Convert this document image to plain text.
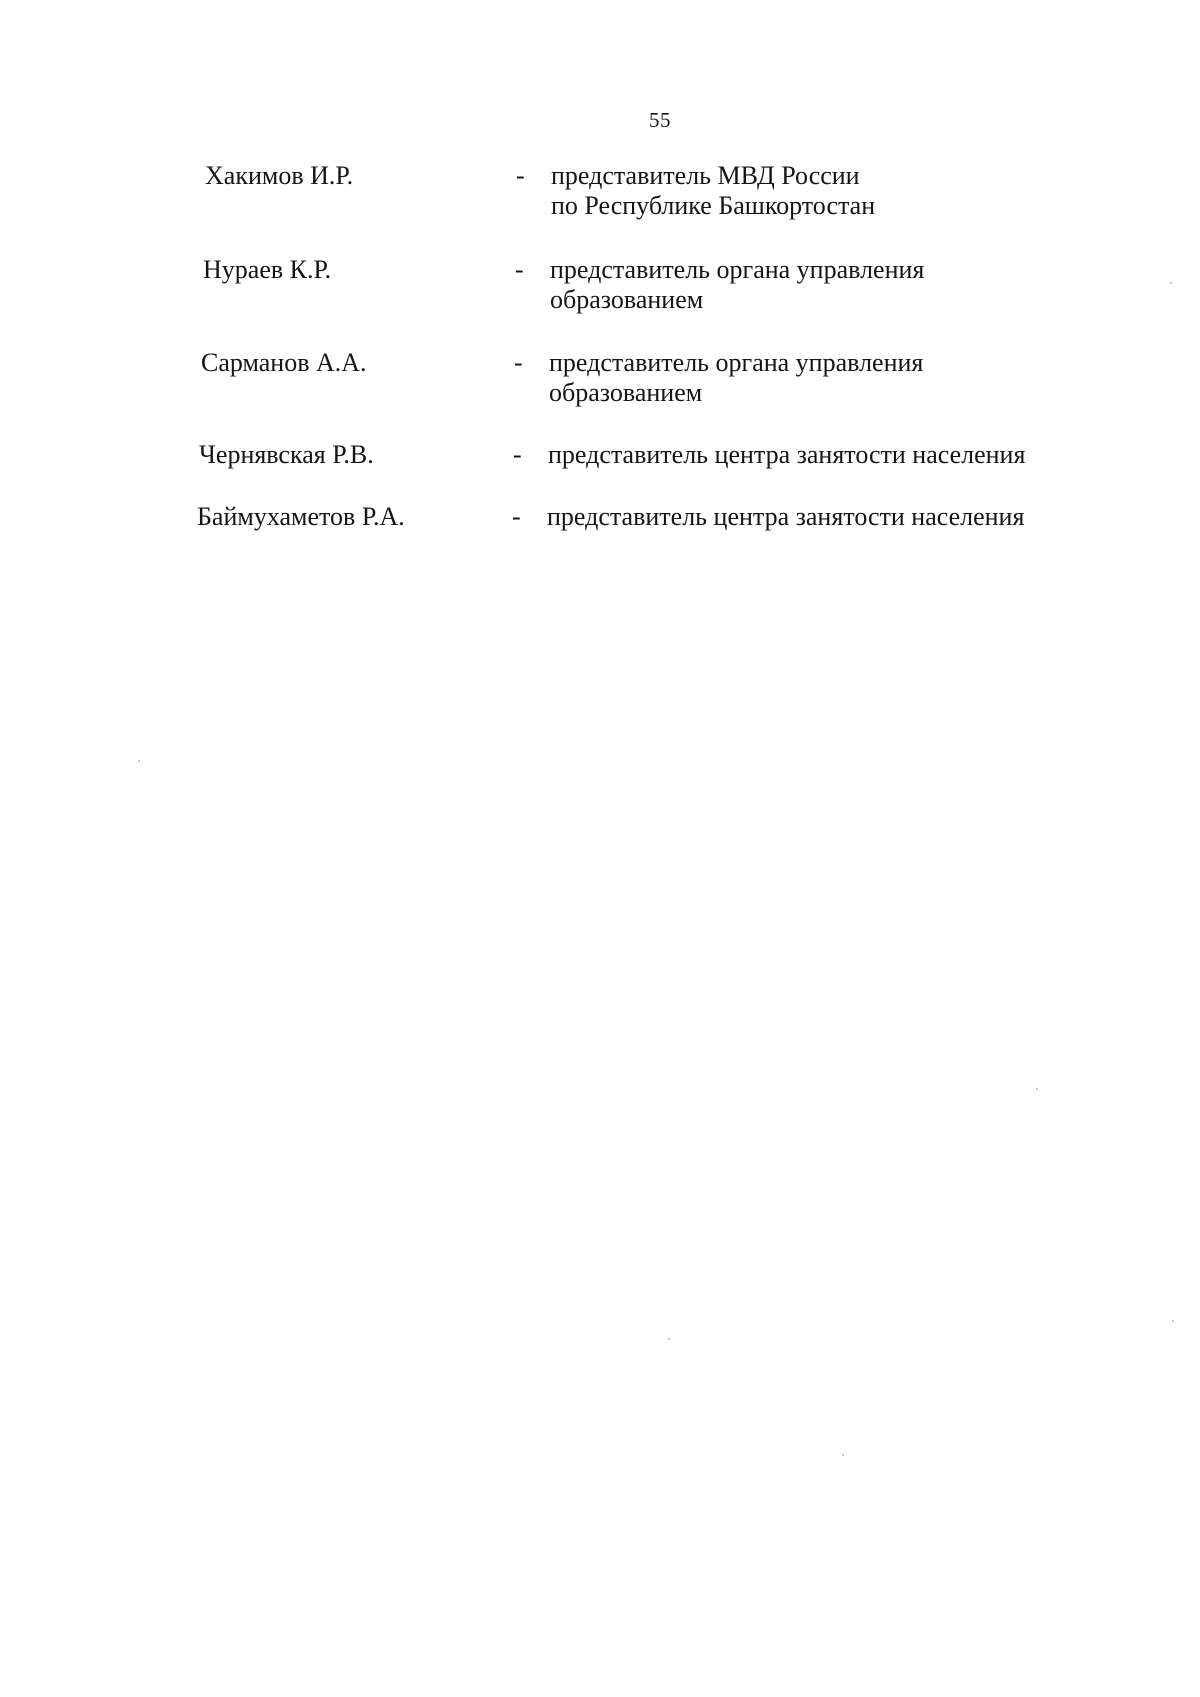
55
Хакимов И.Р.	- представитель МВД России
по Республике Башкортостан
Нураев К.Р.	- представитель органа управления
образованием
Сарманов А.А.	- представитель органа управления
образованием
Чернявская Р.В.	- представитель центра занятости населения
Баймухаметов Р.А.	- представитель центра занятости населения
